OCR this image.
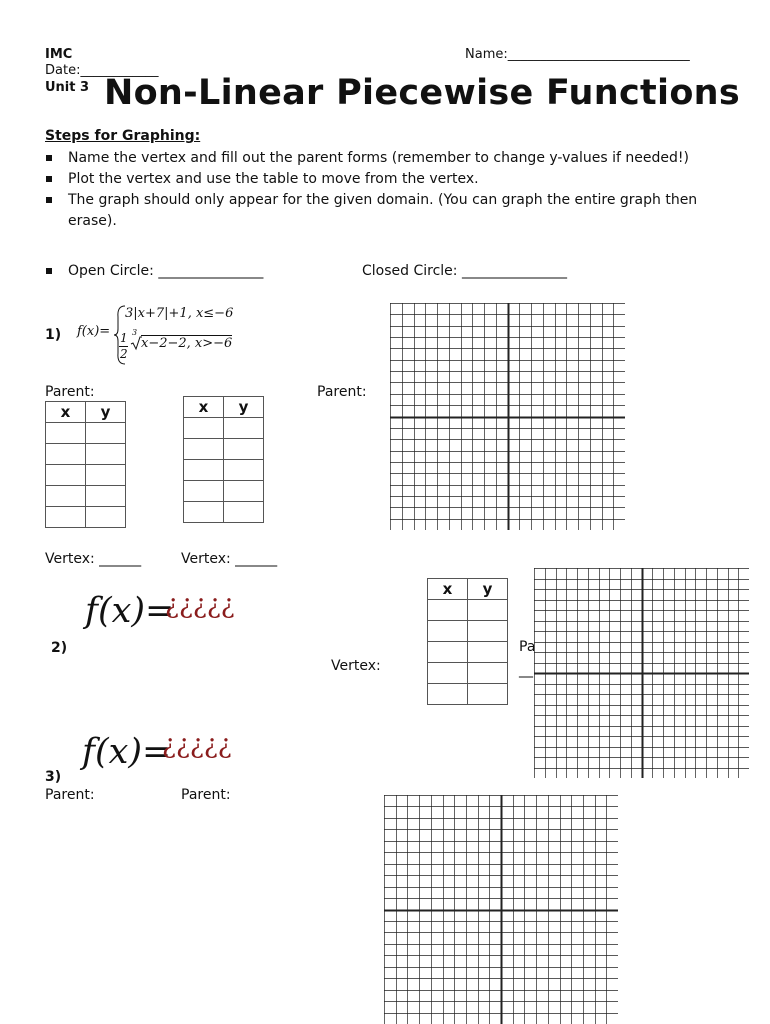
IMC
Date:____________
Unit 3
Name:____________________________
Non-Linear Piecewise Functions
Steps for Graphing:
Name the vertex and fill out the parent forms (remember to change y-values if needed!)
Plot the vertex and use the table to move from the vertex.
The graph should only appear for the given domain. (You can graph the entire graph then erase).
Open Circle: _______________	Closed Circle: _______________
1) f(x)=
3|x+7|+1, x≤−6
1
2
3
x−2−2, x>−6
Parent:	Parent:
x	y

		x	y

Vertex: ______	Vertex: ______
f(x)=
¿¿¿¿¿
2)
Vertex:
x	y

Pa
__
f(x)=
¿¿¿¿¿
3)
Parent:	Parent:
